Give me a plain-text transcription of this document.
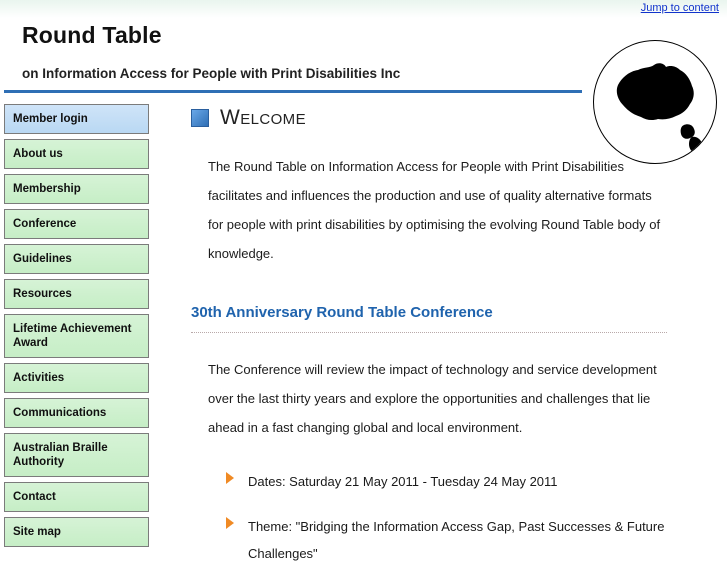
Jump to content
Round Table
on Information Access for People with Print Disabilities Inc
Member login
About us
Membership
Conference
Guidelines
Resources
Lifetime Achievement Award
Activities
Communications
Australian Braille Authority
Contact
Site map
Welcome

The Round Table on Information Access for People with Print Disabilities facilitates and influences the production and use of quality alternative formats for people with print disabilities by optimising the evolving Round Table body of knowledge.

30th Anniversary Round Table Conference

The Conference will review the impact of technology and service development over the last thirty years and explore the opportunities and challenges that lie ahead in a fast changing global and local environment.

Dates: Saturday 21 May 2011 - Tuesday 24 May 2011
Theme: "Bridging the Information Access Gap, Past Successes & Future Challenges"
